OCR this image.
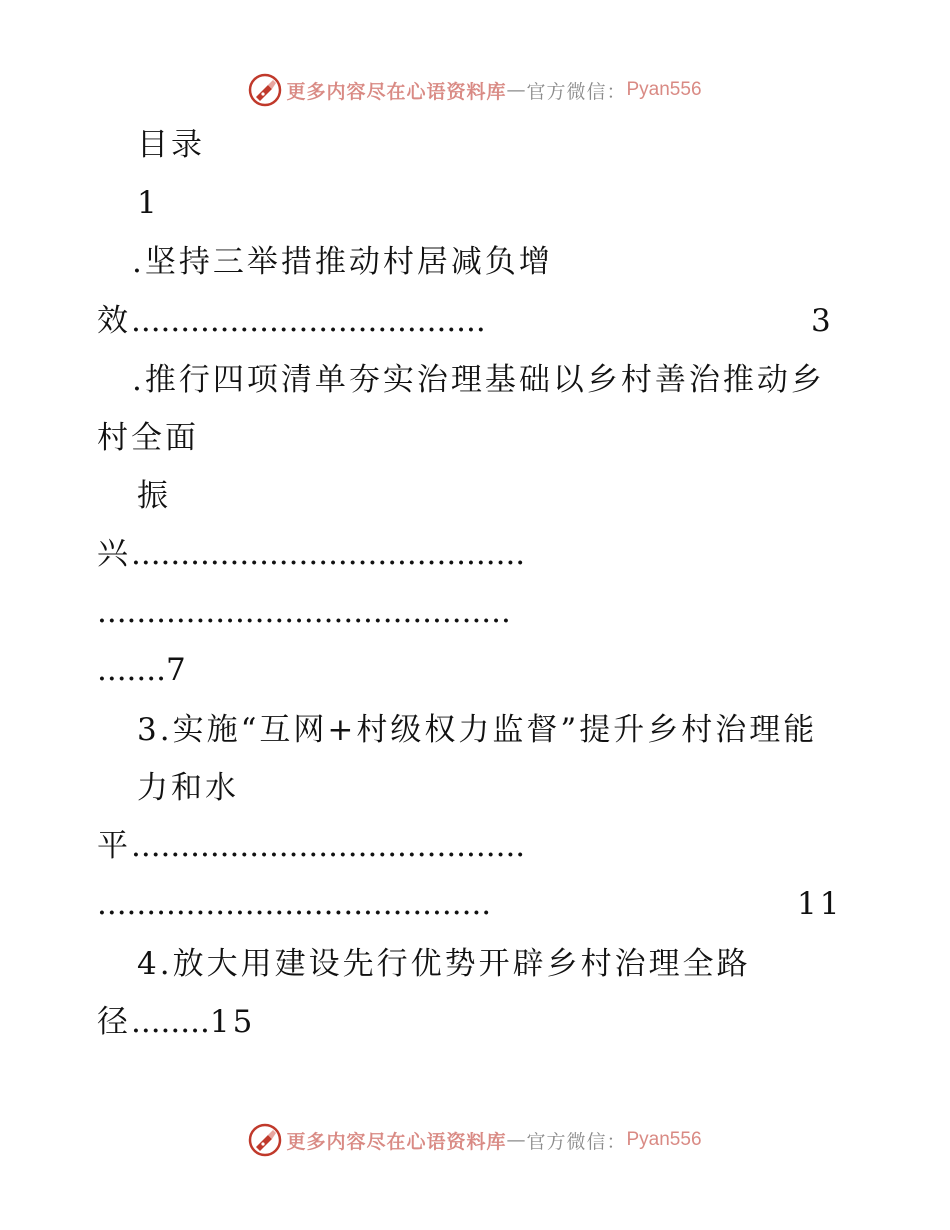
更多内容尽在心语资料库 — 官方微信： Pyan556
目录
1
.坚持三举措推动村居减负增
效....................................	3
.推行四项清单夯实治理基础以乡村善治推动乡
村全面
振
兴........................................
..........................................
.......7
3.实施“互网+村级权力监督”提升乡村治理能
力和水
平........................................
........................................	11
4.放大用建设先行优势开辟乡村治理全路
径........15
更多内容尽在心语资料库 — 官方微信： Pyan556
